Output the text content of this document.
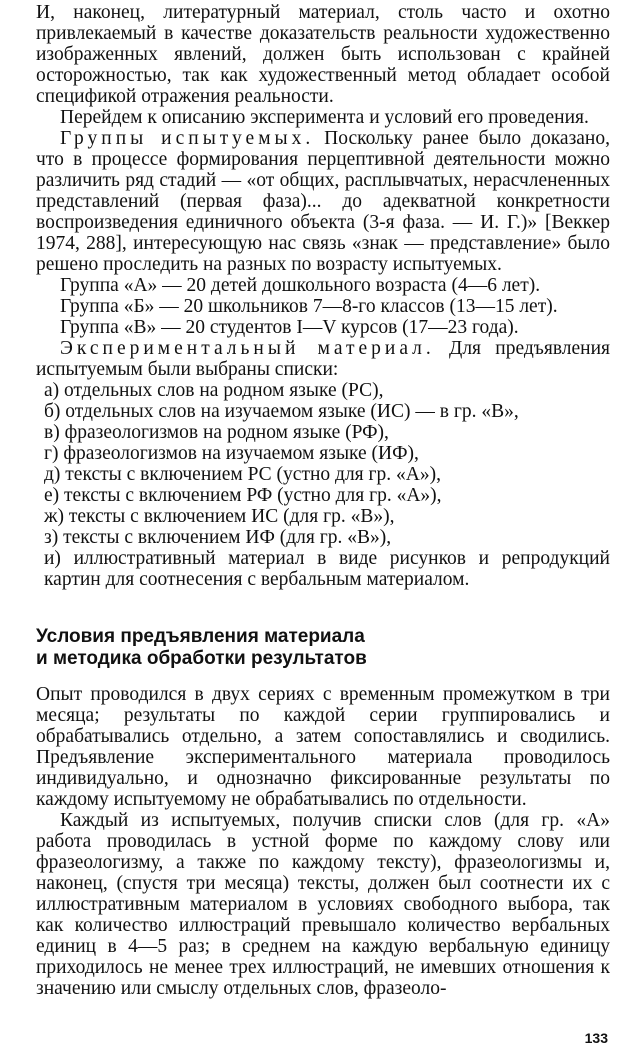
И, наконец, литературный материал, столь часто и охотно привлекаемый в качестве доказательств реальности художественно изображенных явлений, должен быть использован с крайней осторожностью, так как художественный метод обладает особой спецификой отражения реальности.

Перейдем к описанию эксперимента и условий его проведения.

Группы испытуемых. Поскольку ранее было доказано, что в процессе формирования перцептивной деятельности можно различить ряд стадий — «от общих, расплывчатых, нерасчлененных представлений (первая фаза)... до адекватной конкретности воспроизведения единичного объекта (3-я фаза. — И. Г.)» [Веккер 1974, 288], интересующую нас связь «знак — представление» было решено проследить на разных по возрасту испытуемых.

Группа «А» — 20 детей дошкольного возраста (4—6 лет).

Группа «Б» — 20 школьников 7—8-го классов (13—15 лет).

Группа «В» — 20 студентов I—V курсов (17—23 года).

Экспериментальный материал. Для предъявления испытуемым были выбраны списки:

а) отдельных слов на родном языке (РС),
б) отдельных слов на изучаемом языке (ИС) — в гр. «В»,
в) фразеологизмов на родном языке (РФ),
г) фразеологизмов на изучаемом языке (ИФ),
д) тексты с включением РС (устно для гр. «А»),
е) тексты с включением РФ (устно для гр. «А»),
ж) тексты с включением ИС (для гр. «В»),
з) тексты с включением ИФ (для гр. «В»),
и) иллюстративный материал в виде рисунков и репродукций картин для соотнесения с вербальным материалом.
Условия предъявления материала
и методика обработки результатов

Опыт проводился в двух сериях с временным промежутком в три месяца; результаты по каждой серии группировались и обрабатывались отдельно, а затем сопоставлялись и сводились. Предъявление экспериментального материала проводилось индивидуально, и однозначно фиксированные результаты по каждому испытуемому не обрабатывались по отдельности.

Каждый из испытуемых, получив списки слов (для гр. «А» работа проводилась в устной форме по каждому слову или фразеологизму, а также по каждому тексту), фразеологизмы и, наконец, (спустя три месяца) тексты, должен был соотнести их с иллюстративным материалом в условиях свободного выбора, так как количество иллюстраций превышало количество вербальных единиц в 4—5 раз; в среднем на каждую вербальную единицу приходилось не менее трех иллюстраций, не имевших отношения к значению или смыслу отдельных слов, фразеоло-

133
